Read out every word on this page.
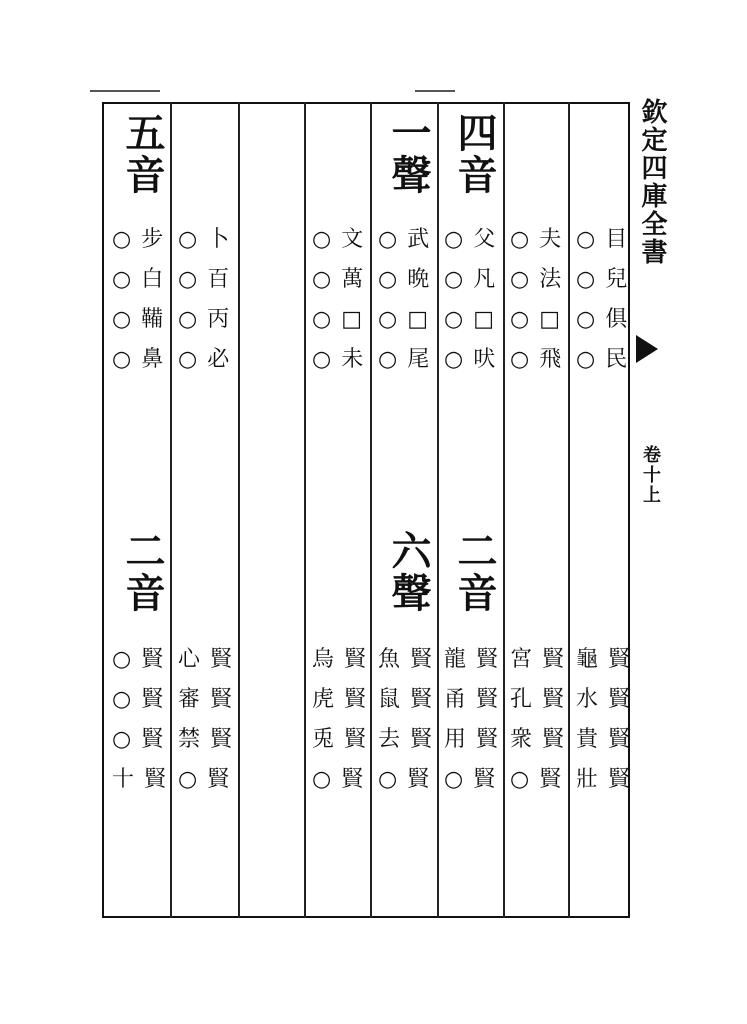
欽定四庫全書
卷十上
○目
○兒
○俱
○民
龜賢
水賢
貴賢
壯賢
○夫
○法
○□
○飛
宮賢
孔賢
衆賢
○賢
四音
二音
○父
○凡
○□
○吠
龍賢
甬賢
用賢
○賢
一聲
六聲
○武
○晩
○□
○尾
魚賢
鼠賢
去賢
○賢
○文
○萬
○□
○未
烏賢
虎賢
兎賢
○賢
○卜
○百
○丙
○必
心賢
審賢
禁賢
○賢
五音
二音
○步
○白
○鞴
○鼻
○賢
○賢
○賢
十賢
